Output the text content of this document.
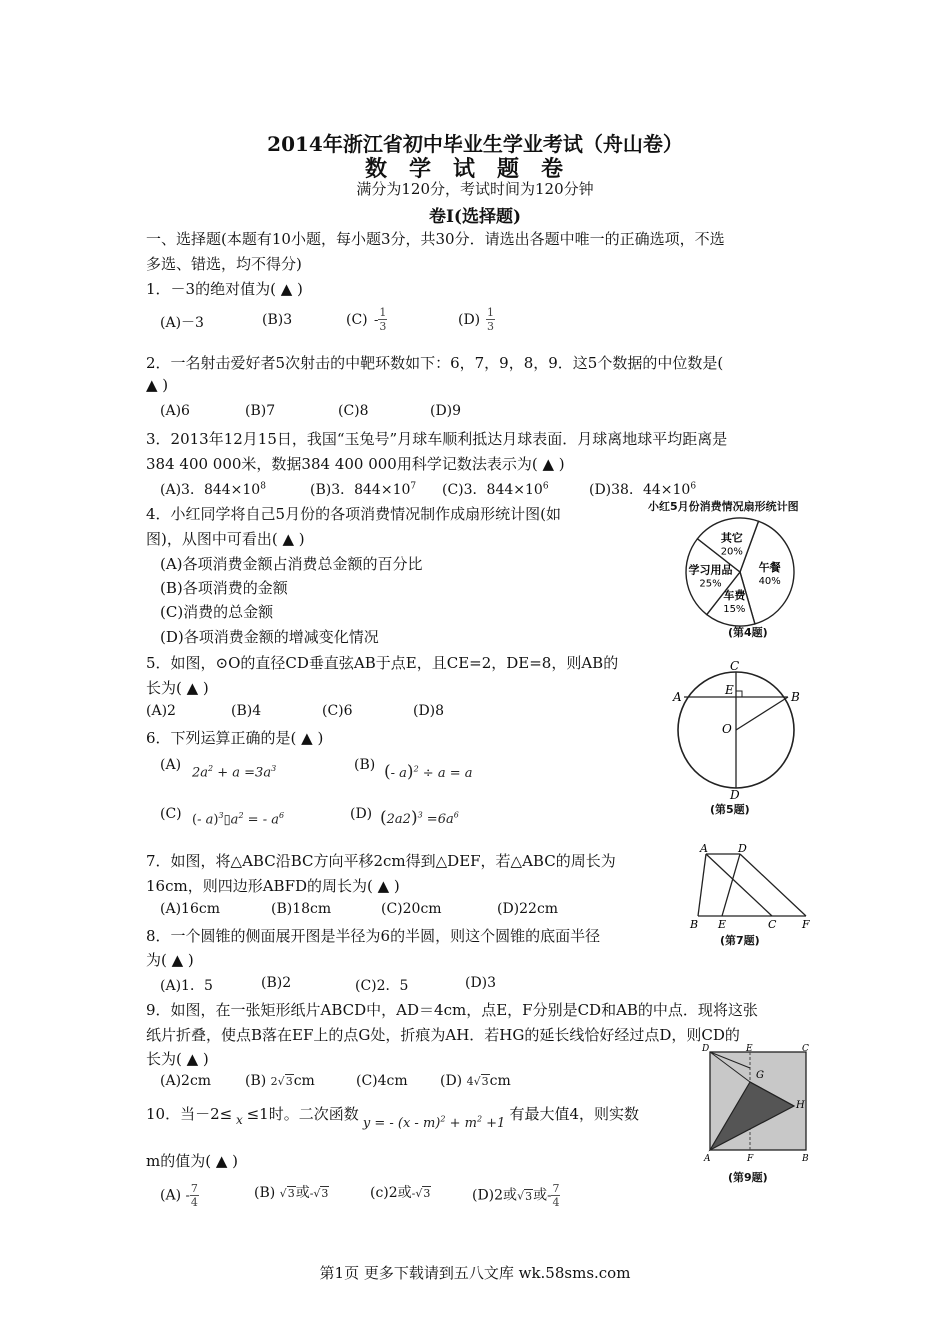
2014年浙江省初中毕业生学业考试（舟山卷）
数学试题卷
满分为120分，考试时间为120分钟
卷Ⅰ(选择题)
一、选择题(本题有10小题，每小题3分，共30分．请选出各题中唯一的正确选项，不选
多选、错选，均不得分)
1．－3的绝对值为( ▲ )
(A)－3	(B)3	$(C) - \frac{1}{3}$	$(D) \frac{1}{3}$
2．一名射击爱好者5次射击的中靶环数如下：6，7，9，8，9．这5个数据的中位数是(
▲ )
(A)6	(B)7	(C)8	(D)9
3．2013年12月15日，我国“玉兔号”月球车顺利抵达月球表面．月球离地球平均距离是
384 400 000米，数据384 400 000用科学记数法表示为( ▲ )
(A)3．$844\times 10^8$	(B)3．$844\times 10^7$ (C)3．$844\times 10^6$	(D)38．$44\times 10^6$
4．小红同学将自己5月份的各项消费情况制作成扇形统计图(如
图)，从图中可看出( ▲ )
(A)各项消费金额占消费总金额的百分比
(B)各项消费的金额
(C)消费的总金额
(D)各项消费金额的增减变化情况
小红5月份消费情况扇形统计图
午餐
40%
车费
15%
学习用品
25%
其它
20%
(第4题)
5．如图，⊙O的直径CD垂直弦AB于点E，且CE=2，DE=8，则AB的
长为( ▲ )
(A)2	(B)4	(C)6	(D)8
C
A	B
E
O
D
(第5题)
6．下列运算正确的是( ▲ )
(A) $2a^2 + a =3a^3$	(B) (- a)$^2$ ÷ a = a
(C) (- $a)^3▯a^2$ = - $a^6$	(D) $(2a2)^3 =6a^6$
7．如图，将△ABC沿BC方向平移2cm得到△DEF，若△ABC的周长为
16cm，则四边形ABFD的周长为( ▲ )
(A)16cm	(B)18cm	(C)20cm	(D)22cm
A	D
B E	C F
(第7题)
8．一个圆锥的侧面展开图是半径为6的半圆，则这个圆锥的底面半径
为( ▲ )
(A)1．5	(B)2	(C)2．5	(D)3
9．如图，在一张矩形纸片ABCD中，AD＝4cm，点E，F分别是CD和AB的中点．现将这张
纸片折叠，使点B落在EF上的点G处，折痕为AH．若HG的延长线恰好经过点D，则CD的
长为( ▲ )
(A)2cm (B) 2√3cm	(C)4cm (D) 4√3cm
D	E	C
G
H
A	F	B
(第9题)
10．当－2≤ $_x$ ≤1时。二次函数 y = - $(x - m)^2 + m^2 +1$ 有最大值4，则实数
m的值为( ▲ )
$(A) - \frac{7}{4}$	(B) √3或-√3	(c)2或-√3	(D)2或√3或- $\frac{7}{4}$
第1页 更多下载请到五八文库 wk.58sms.com
